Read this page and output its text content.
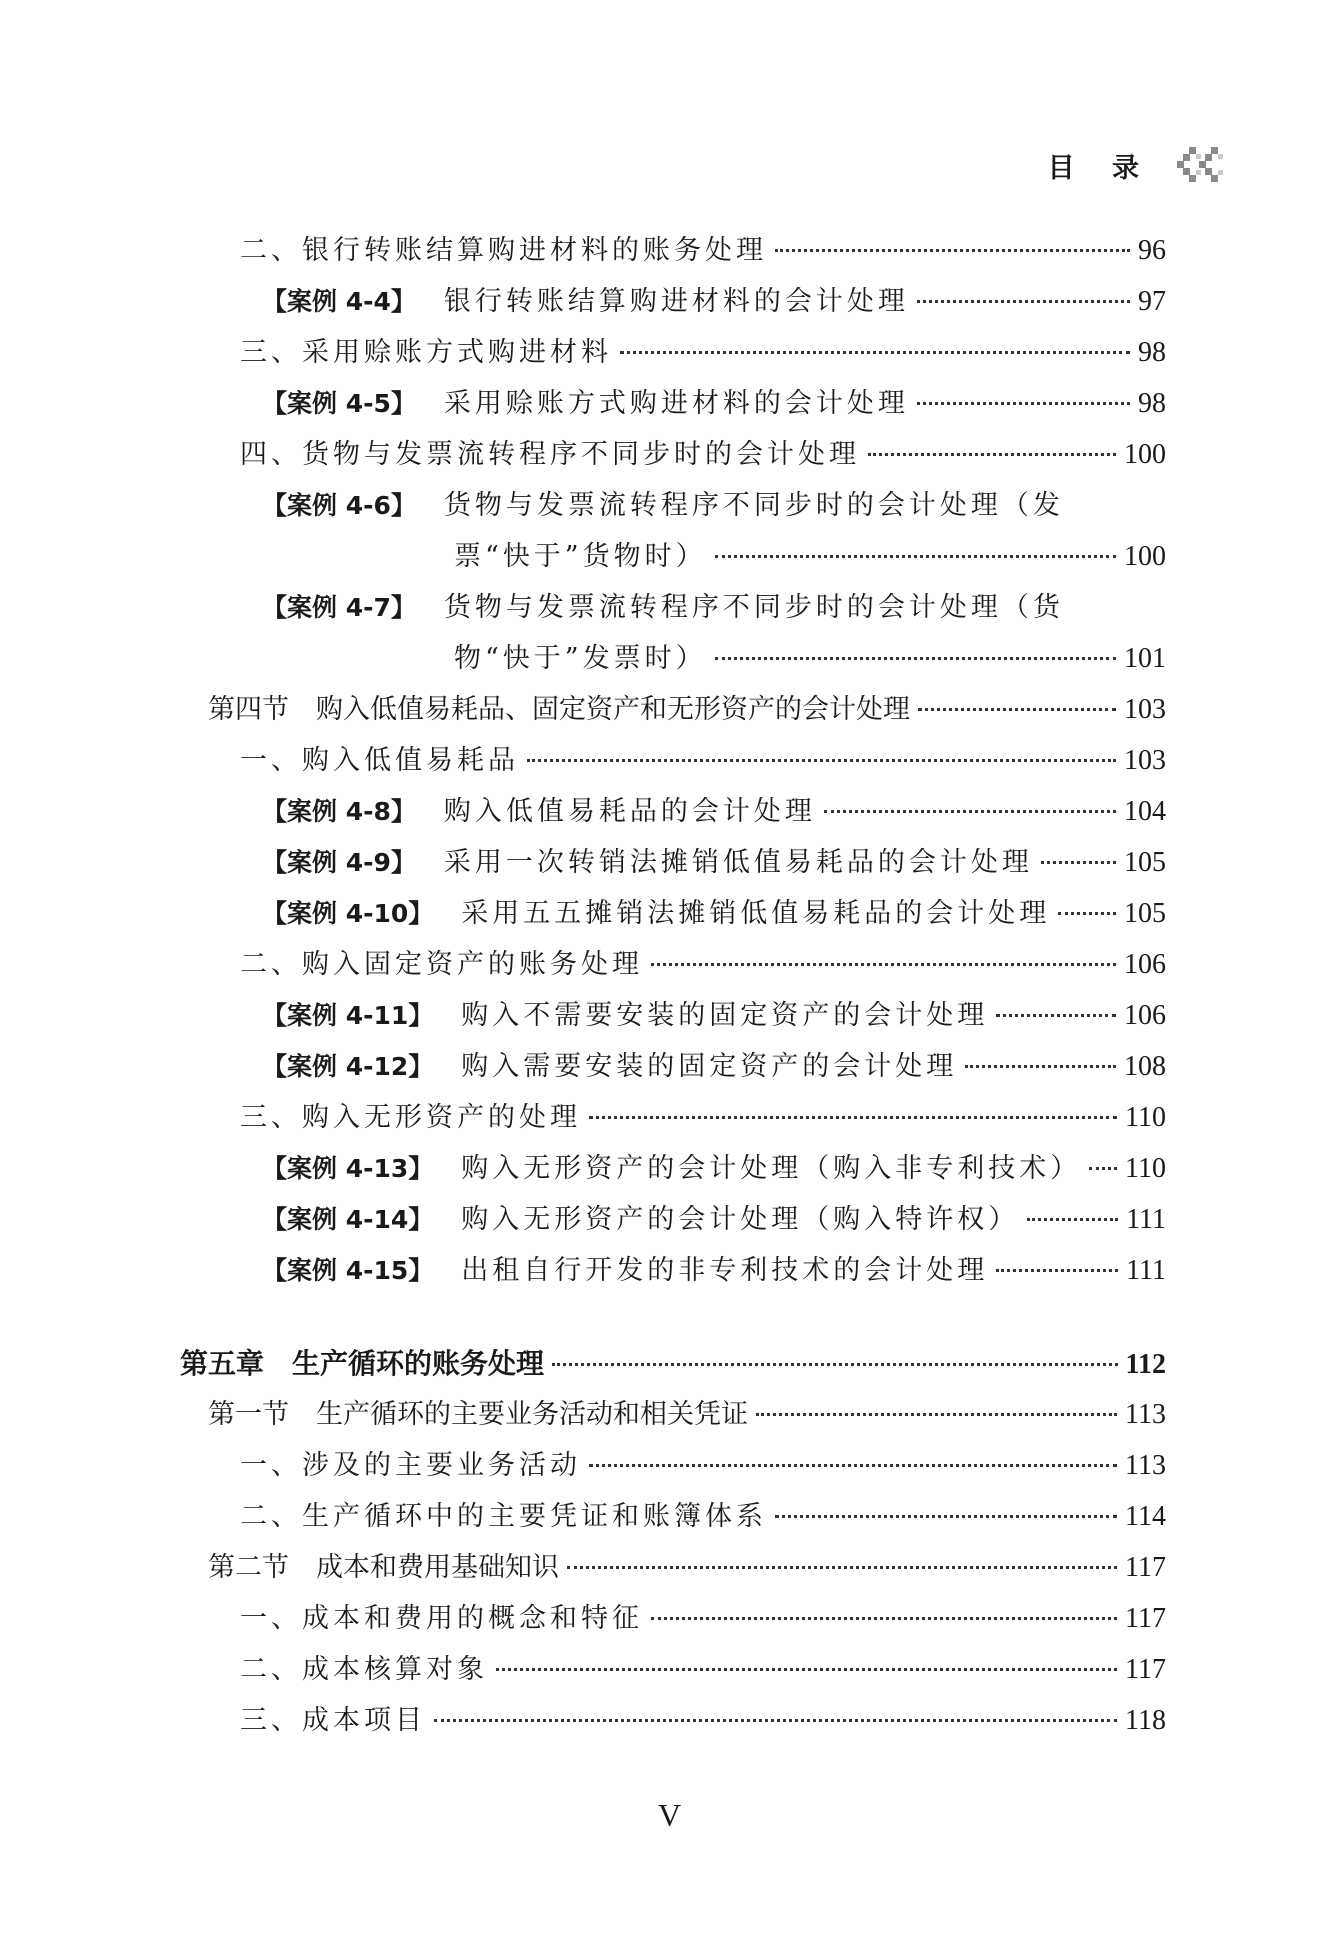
目 录
二、银行转账结算购进材料的账务处理	96
【案例 4-4】 银行转账结算购进材料的会计处理	97
三、采用赊账方式购进材料	98
【案例 4-5】 采用赊账方式购进材料的会计处理	98
四、货物与发票流转程序不同步时的会计处理	100
【案例 4-6】 货物与发票流转程序不同步时的会计处理（发
票“快于”货物时）	100
【案例 4-7】 货物与发票流转程序不同步时的会计处理（货
物“快于”发票时）	101
第四节　购入低值易耗品、固定资产和无形资产的会计处理	103
一、购入低值易耗品	103
【案例 4-8】 购入低值易耗品的会计处理	104
【案例 4-9】 采用一次转销法摊销低值易耗品的会计处理	105
【案例 4-10】 采用五五摊销法摊销低值易耗品的会计处理	105
二、购入固定资产的账务处理	106
【案例 4-11】 购入不需要安装的固定资产的会计处理	106
【案例 4-12】 购入需要安装的固定资产的会计处理	108
三、购入无形资产的处理	110
【案例 4-13】 购入无形资产的会计处理（购入非专利技术） 110
【案例 4-14】 购入无形资产的会计处理（购入特许权）	111
【案例 4-15】 出租自行开发的非专利技术的会计处理	111
第五章　生产循环的账务处理	112
第一节　生产循环的主要业务活动和相关凭证	113
一、涉及的主要业务活动	113
二、生产循环中的主要凭证和账簿体系	114
第二节　成本和费用基础知识	117
一、成本和费用的概念和特征	117
二、成本核算对象	117
三、成本项目	118
V
